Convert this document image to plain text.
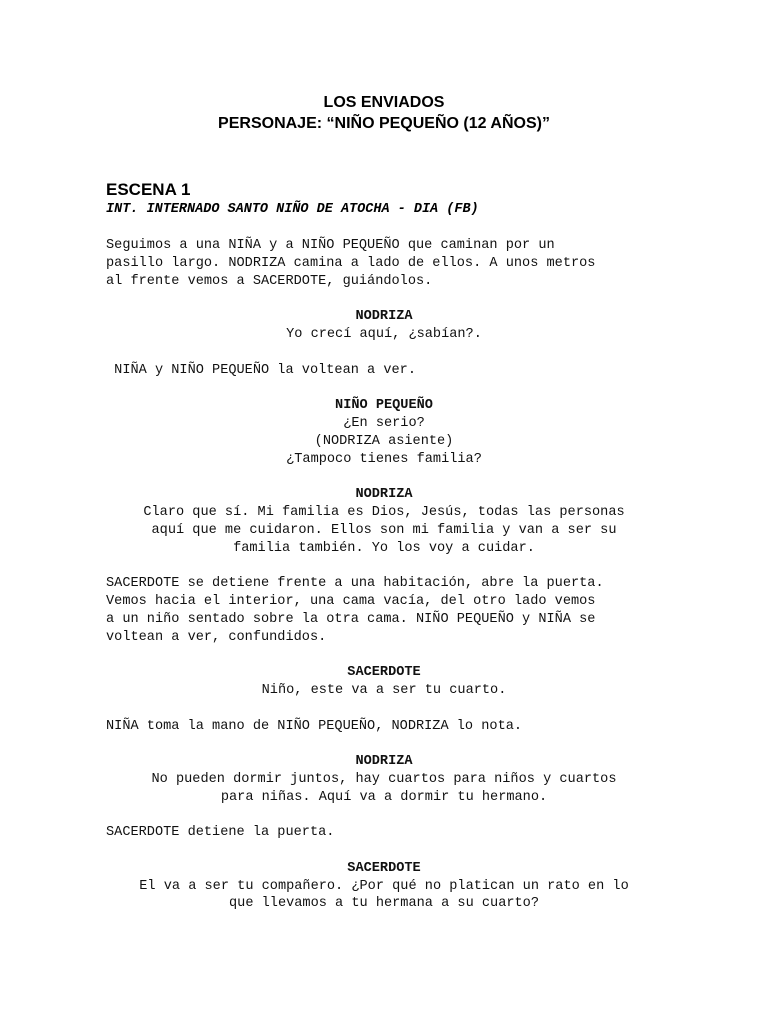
LOS ENVIADOS
PERSONAJE: “NIÑO PEQUEÑO (12 AÑOS)”
ESCENA 1
INT. INTERNADO SANTO NIÑO DE ATOCHA - DIA (FB)
Seguimos a una NIÑA y a NIÑO PEQUEÑO que caminan por un
pasillo largo. NODRIZA camina a lado de ellos. A unos metros
al frente vemos a SACERDOTE, guiándolos.
NODRIZA
Yo crecí aquí, ¿sabían?.
NIÑA y NIÑO PEQUEÑO la voltean a ver.
NIÑO PEQUEÑO
¿En serio?
(NODRIZA asiente)
¿Tampoco tienes familia?
NODRIZA
Claro que sí. Mi familia es Dios, Jesús, todas las personas
aquí que me cuidaron. Ellos son mi familia y van a ser su
familia también. Yo los voy a cuidar.
SACERDOTE se detiene frente a una habitación, abre la puerta.
Vemos hacia el interior, una cama vacía, del otro lado vemos
a un niño sentado sobre la otra cama. NIÑO PEQUEÑO y NIÑA se
voltean a ver, confundidos.
SACERDOTE
Niño, este va a ser tu cuarto.
NIÑA toma la mano de NIÑO PEQUEÑO, NODRIZA lo nota.
NODRIZA
No pueden dormir juntos, hay cuartos para niños y cuartos
para niñas. Aquí va a dormir tu hermano.
SACERDOTE detiene la puerta.
SACERDOTE
El va a ser tu compañero. ¿Por qué no platican un rato en lo
que llevamos a tu hermana a su cuarto?
